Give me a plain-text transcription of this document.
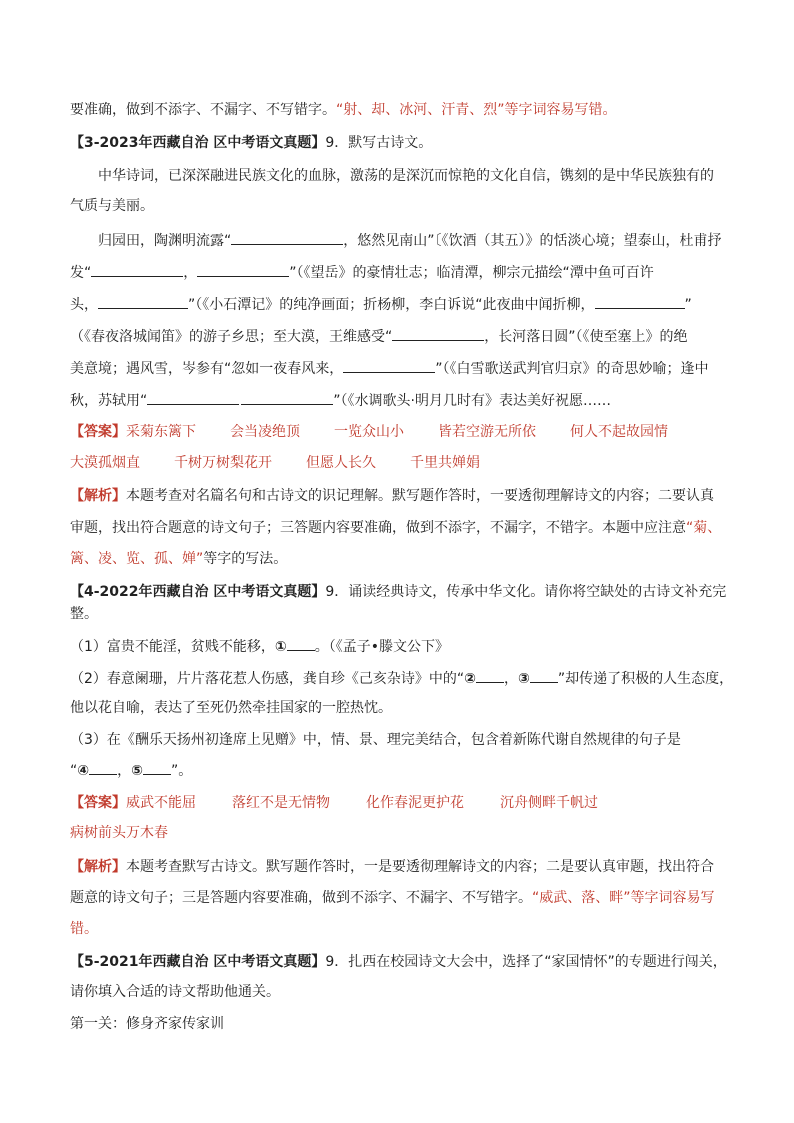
要准确，做到不添字、不漏字、不写错字。“射、却、冰河、汗青、烈”等字词容易写错。
【3-2023年西藏自治 区中考语文真题】9．默写古诗文。
中华诗词，已深深融进民族文化的血脉，激荡的是深沉而惊艳的文化自信，镌刻的是中华民族独有的
气质与美丽。
归园田，陶渊明流露“	，悠然见南山”〔《饮酒（其五）》的恬淡心境；望泰山，杜甫抒
发“	，	”（《望岳》的豪情壮志；临清潭，柳宗元描绘“潭中鱼可百许
头，	”（《小石潭记》的纯净画面；折杨柳，李白诉说“此夜曲中闻折柳，	”
（《春夜洛城闻笛》的游子乡思；至大漠，王维感受“	，长河落日圆”（《使至塞上》的绝
美意境；遇风雪，岑参有“忽如一夜春风来，	”（《白雪歌送武判官归京》的奇思妙喻；逢中
秋，苏轼用“	”（《水调歌头·明月几时有》表达美好祝愿……
【答案】采菊东篱下 会当凌绝顶 一览众山小 皆若空游无所依 何人不起故园情
大漠孤烟直 千树万树梨花开 但愿人长久 千里共婵娟
【解析】本题考查对名篇名句和古诗文的识记理解。默写题作答时，一要透彻理解诗文的内容；二要认真
审题，找出符合题意的诗文句子；三答题内容要准确，做到不添字，不漏字，不错字。本题中应注意“菊、
篱、凌、览、孤、婵”等字的写法。
【4-2022年西藏自治 区中考语文真题】9．诵读经典诗文，传承中华文化。请你将空缺处的古诗文补充完
整。
（1）富贵不能淫，贫贱不能移，① 。（《孟子•滕文公下》
（2）春意阑珊，片片落花惹人伤感，龚自珍《己亥杂诗》中的“② ，③ ”却传递了积极的人生态度，
他以花自喻，表达了至死仍然牵挂国家的一腔热忱。
（3）在《酬乐天扬州初逢席上见赠》中，情、景、理完美结合，包含着新陈代谢自然规律的句子是
“④ ，⑤ ”。
【答案】威武不能屈	落红不是无情物	化作春泥更护花	沉舟侧畔千帆过
病树前头万木春
【解析】本题考查默写古诗文。默写题作答时，一是要透彻理解诗文的内容；二是要认真审题，找出符合
题意的诗文句子；三是答题内容要准确，做到不添字、不漏字、不写错字。“威武、落、畔”等字词容易写
错。
【5-2021年西藏自治 区中考语文真题】9．扎西在校园诗文大会中，选择了“家国情怀”的专题进行闯关，
请你填入合适的诗文帮助他通关。
第一关：修身齐家传家训
